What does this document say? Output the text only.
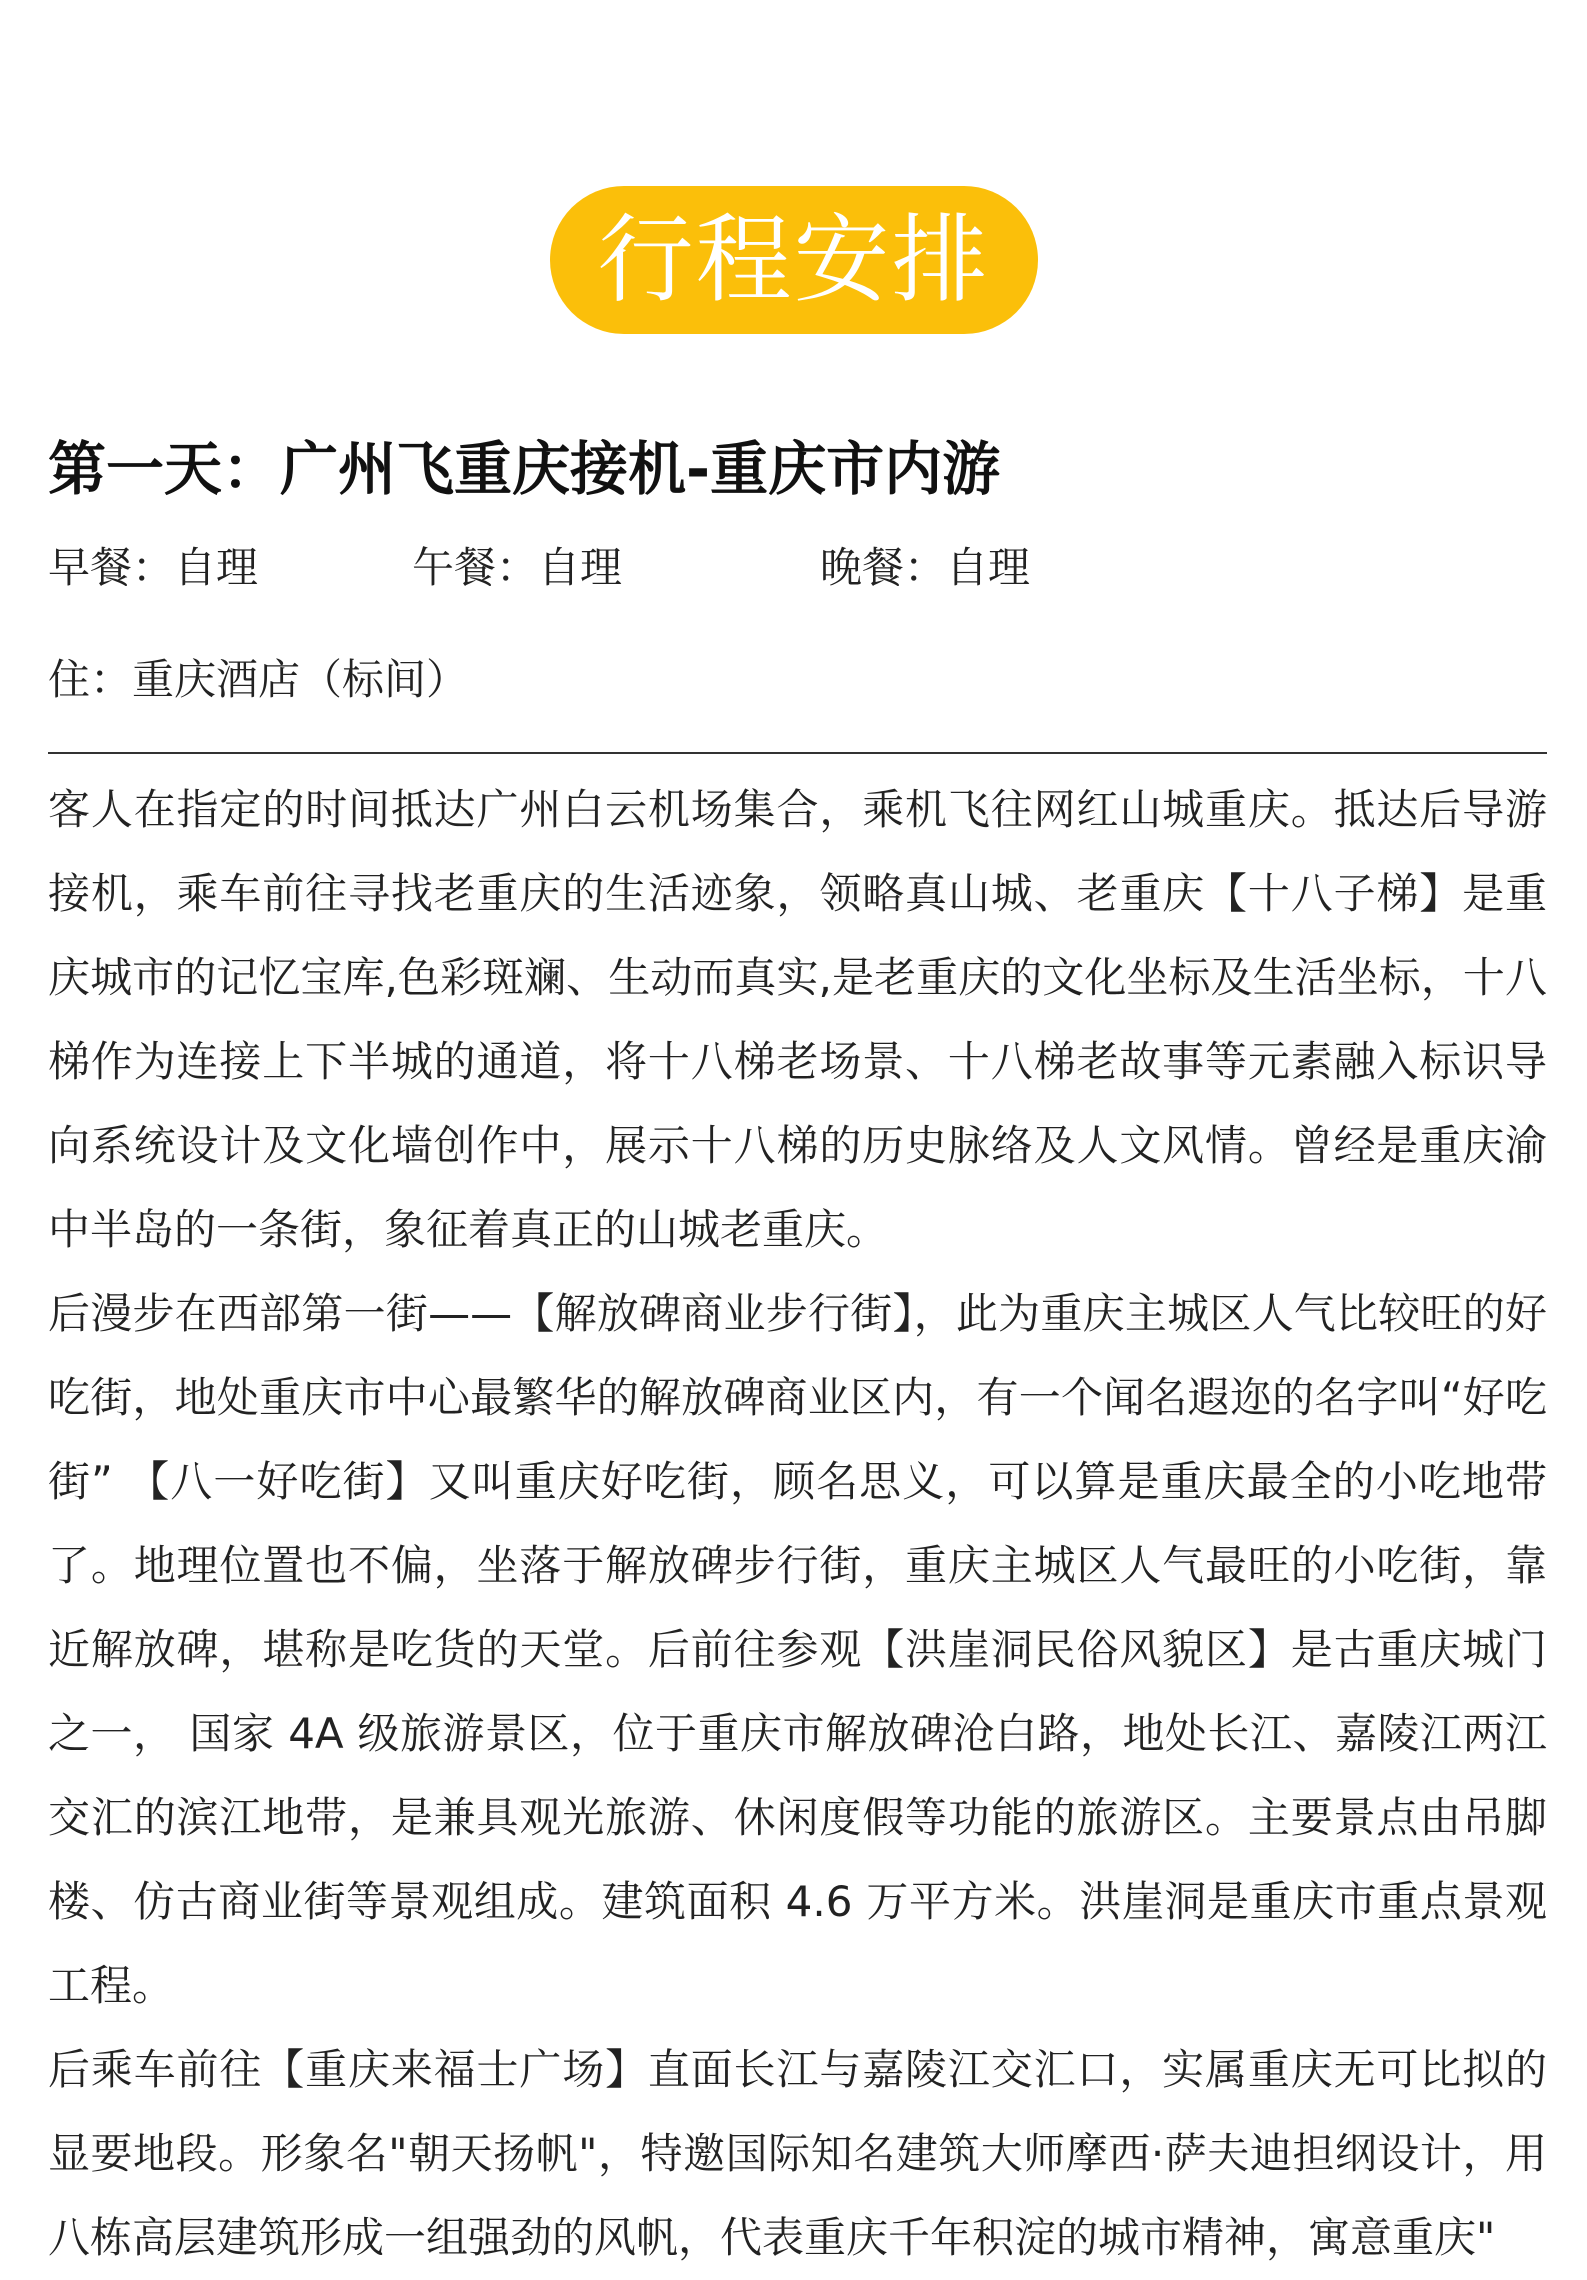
行程安排
第一天：广州飞重庆接机-重庆市内游
早餐：自理	午餐：自理	晚餐：自理
住：重庆酒店（标间）

客人在指定的时间抵达广州白云机场集合，乘机飞往网红山城重庆。抵达后导游接机，乘车前往寻找老重庆的生活迹象，领略真山城、老重庆【十八子梯】是重庆城市的记忆宝库,色彩斑斓、生动而真实,是老重庆的文化坐标及生活坐标，十八梯作为连接上下半城的通道，将十八梯老场景、十八梯老故事等元素融入标识导向系统设计及文化墙创作中，展示十八梯的历史脉络及人文风情。曾经是重庆渝中半岛的一条街，象征着真正的山城老重庆。

后漫步在西部第一街——【解放碑商业步行街】，此为重庆主城区人气比较旺的好吃街，地处重庆市中心最繁华的解放碑商业区内，有一个闻名遐迩的名字叫“好吃街” 【八一好吃街】又叫重庆好吃街，顾名思义，可以算是重庆最全的小吃地带了。地理位置也不偏，坐落于解放碑步行街，重庆主城区人气最旺的小吃街，靠近解放碑，堪称是吃货的天堂。后前往参观【洪崖洞民俗风貌区】是古重庆城门之一， 国家 4A 级旅游景区，位于重庆市解放碑沧白路，地处长江、嘉陵江两江交汇的滨江地带，是兼具观光旅游、休闲度假等功能的旅游区。主要景点由吊脚楼、仿古商业街等景观组成。建筑面积 4.6 万平方米。洪崖洞是重庆市重点景观工程。

后乘车前往【重庆来福士广场】直面长江与嘉陵江交汇口，实属重庆无可比拟的显要地段。形象名"朝天扬帆"，特邀国际知名建筑大师摩西·萨夫迪担纲设计，用八栋高层建筑形成一组强劲的风帆，代表重庆千年积淀的城市精神，寓意重庆"
